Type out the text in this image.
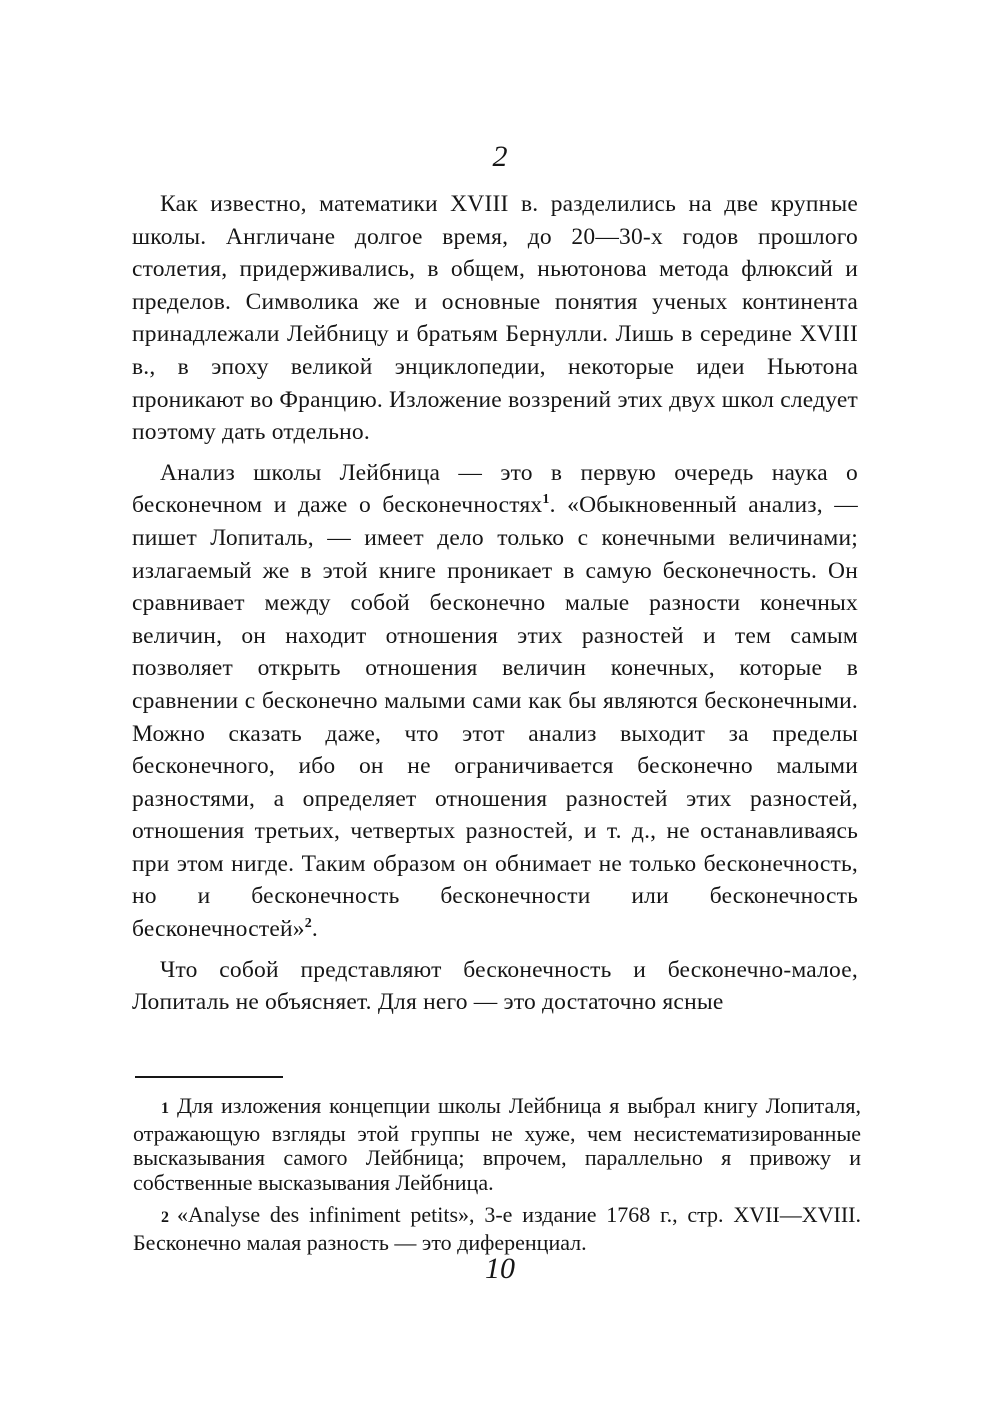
2

Как известно, математики XVIII в. разделились на две крупные школы. Англичане долгое время, до 20—30-х годов прошлого столетия, придерживались, в общем, ньютонова метода флюксий и пределов. Символика же и основные понятия ученых континента принадлежали Лейбницу и братьям Бернулли. Лишь в середине XVIII в., в эпоху великой энциклопедии, некоторые идеи Ньютона проникают во Францию. Изложение воззрений этих двух школ следует поэтому дать отдельно.

Анализ школы Лейбница — это в первую очередь наука о бесконечном и даже о бесконечностях$^1$. «Обыкновенный анализ, — пишет Лопиталь, — имеет дело только с конечными величинами; излагаемый же в этой книге проникает в самую бесконечность. Он сравнивает между собой бесконечно малые разности конечных величин, он находит отношения этих разностей и тем самым позволяет открыть отношения величин конечных, которые в сравнении с бесконечно малыми сами как бы являются бесконечными. Можно сказать даже, что этот анализ выходит за пределы бесконечного, ибо он не ограничивается бесконечно малыми разностями, а определяет отношения разностей этих разностей, отношения третьих, четвертых разностей, и т. д., не останавливаясь при этом нигде. Таким образом он обнимает не только бесконечность, но и бесконечность бесконечности или бесконечность бесконечностей»$^2$.

Что собой представляют бесконечность и бесконечно-малое, Лопиталь не объясняет. Для него — это достаточно ясные

1 Для изложения концепции школы Лейбница я выбрал книгу Лопиталя, отражающую взгляды этой группы не хуже, чем несистематизированные высказывания самого Лейбница; впрочем, параллельно я привожу и собственные высказывания Лейбница.

2 «Analyse des infiniment petits», 3-е издание 1768 г., стр. XVII—XVIII. Бесконечно малая разность — это диференциал.

10
